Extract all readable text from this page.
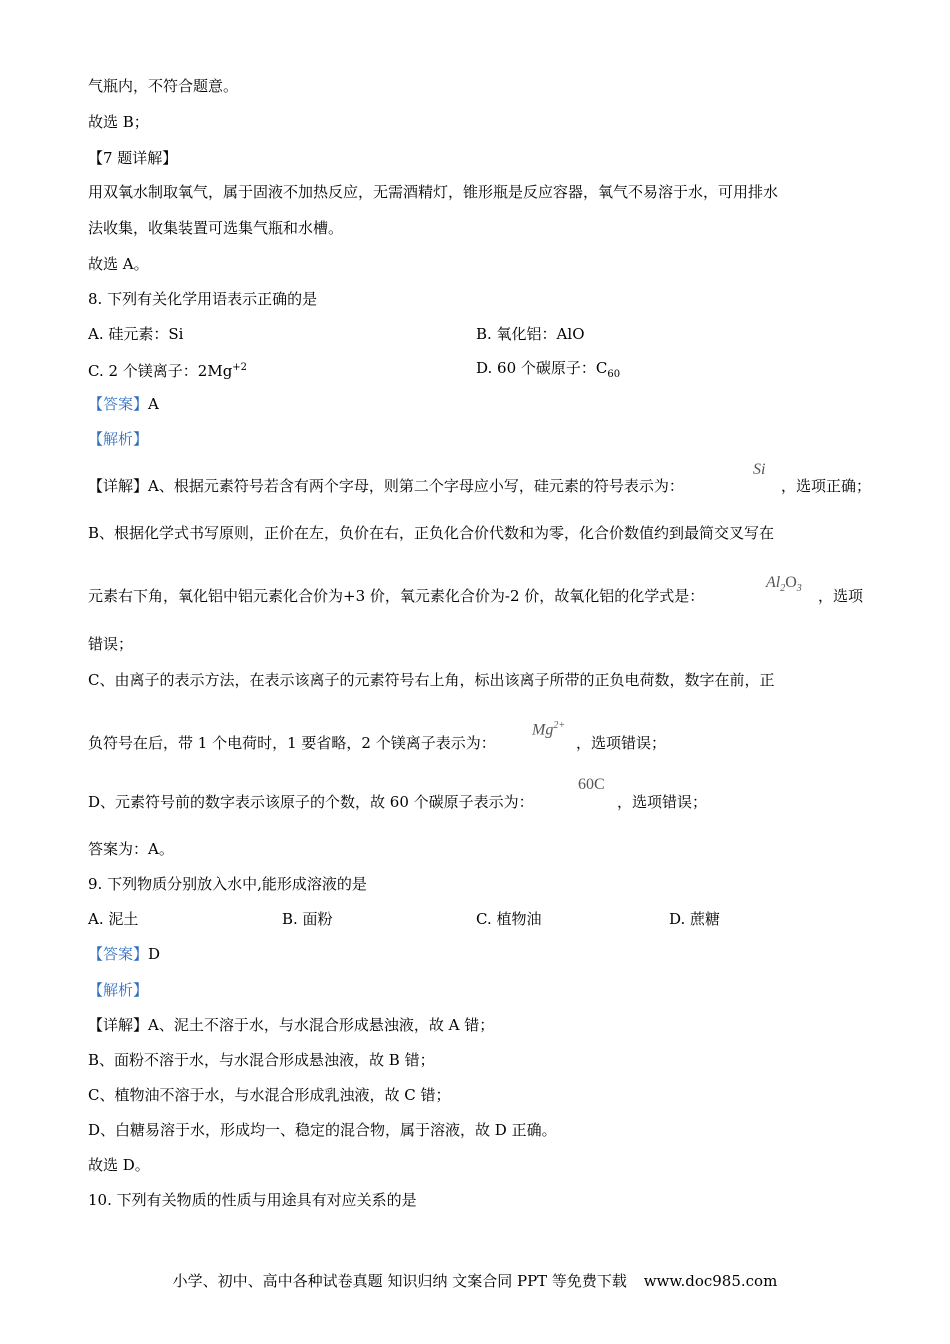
气瓶内，不符合题意。
故选 B；
【7 题详解】
用双氧水制取氧气，属于固液不加热反应，无需酒精灯，锥形瓶是反应容器，氧气不易溶于水，可用排水
法收集，收集装置可选集气瓶和水槽。
故选 A。
8. 下列有关化学用语表示正确的是
A. 硅元素：Si	B. 氧化铝：AlO
C. 2 个镁离子：$2Mg^{+2}$	D. 60 个碳原子：$C_{60}$
【答案】A
【解析】
【详解】A、根据元素符号若含有两个字母，则第二个字母应小写，硅元素的符号表示为：
Si
，选项正确；
B、根据化学式书写原则，正价在左，负价在右，正负化合价代数和为零，化合价数值约到最简交叉写在
元素右下角，氧化铝中铝元素化合价为+3 价，氧元素化合价为-2 价，故氧化铝的化学式是：
$Al_2O_3$ ，选项
错误；
C、由离子的表示方法，在表示该离子的元素符号右上角，标出该离子所带的正负电荷数，数字在前，正
负符号在后，带 1 个电荷时，1 要省略，2 个镁离子表示为：
$Mg^{2+}$
，选项错误；
D、元素符号前的数字表示该原子的个数，故 60 个碳原子表示为：
60C
，选项错误；
答案为：A。
9. 下列物质分别放入水中,能形成溶液的是
A. 泥土	B. 面粉	C. 植物油	D. 蔗糖
【答案】D
【解析】
【详解】A、泥土不溶于水，与水混合形成悬浊液，故 A 错；
B、面粉不溶于水，与水混合形成悬浊液，故 B 错；
C、植物油不溶于水，与水混合形成乳浊液，故 C 错；
D、白糖易溶于水，形成均一、稳定的混合物，属于溶液，故 D 正确。
故选 D。
10. 下列有关物质的性质与用途具有对应关系的是
小学、初中、高中各种试卷真题 知识归纳 文案合同 PPT 等免费下载 www.doc985.com
